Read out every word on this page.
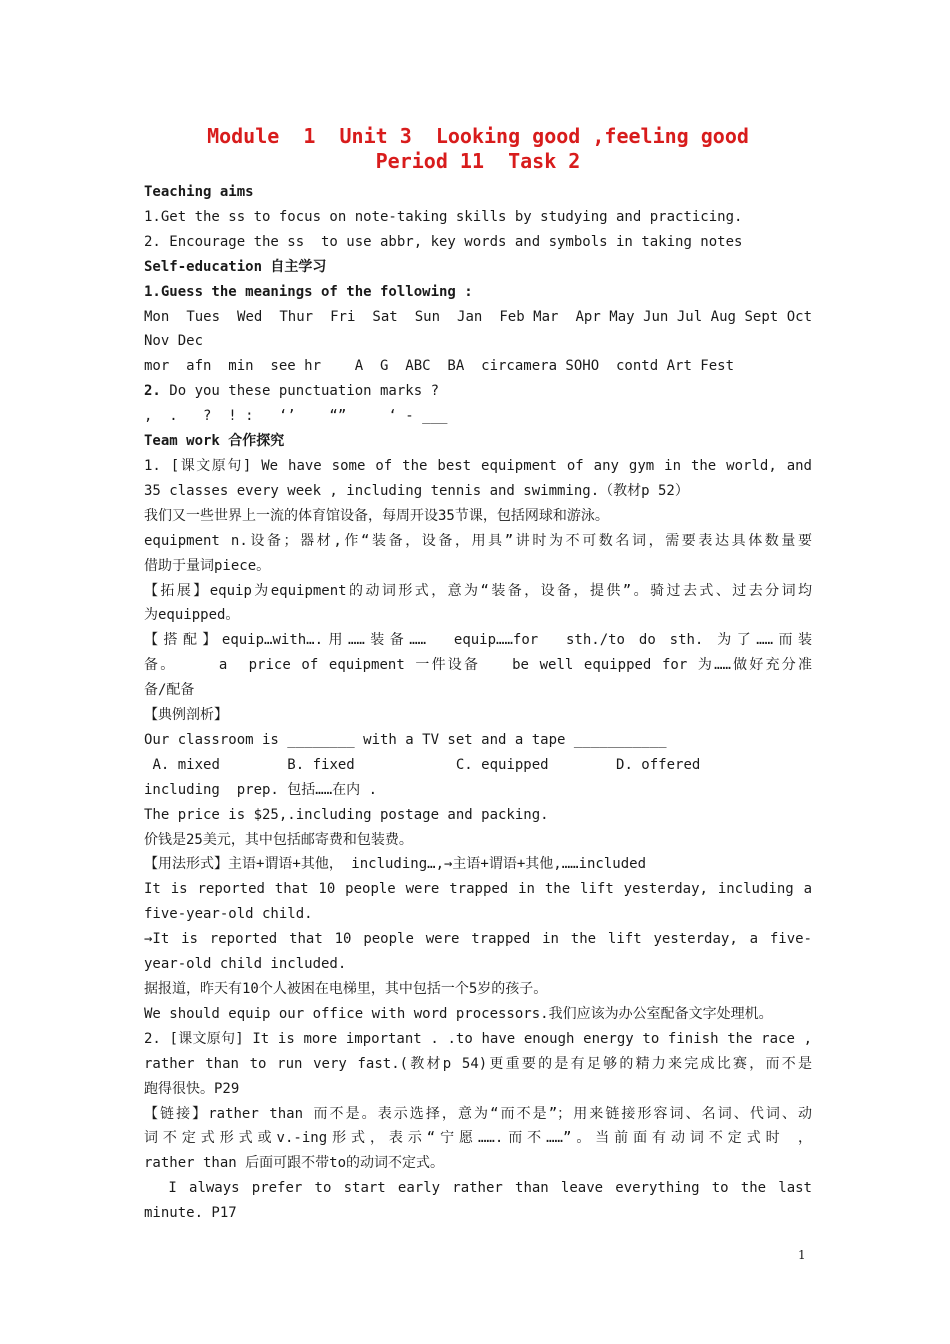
Module  1  Unit 3  Looking good ,feeling good
Period 11  Task 2

Teaching aims

1.Get the ss to focus on note-taking skills by studying and practicing.

2. Encourage the ss  to use abbr, key words and symbols in taking notes

Self-education 自主学习

1.Guess the meanings of the following :

Mon  Tues  Wed  Thur  Fri  Sat  Sun  Jan  Feb Mar  Apr May Jun Jul Aug Sept Oct

Nov Dec

mor  afn  min  see hr    A  G  ABC  BA  circamera SOHO  contd Art Fest

2. Do you these punctuation marks ?

,  .   ?  ! :   ‘’    “”     ‘ - ___

Team work 合作探究

1. [课文原句] We have some of the best equipment of any gym in the world, and

35 classes every week , including tennis and swimming.（教材p 52）

我们又一些世界上一流的体育馆设备，每周开设35节课，包括网球和游泳。

equipment n.设备；器材,作“装备，设备，用具”讲时为不可数名词，需要表达具体数量要

借助于量词piece。

【拓展】equip为equipment的动词形式，意为“装备，设备，提供”。骑过去式、过去分词均

为equipped。

【搭配】equip…with….用……装备……  equip……for  sth./to do sth. 为了……而装

备。    a  price of equipment 一件设备   be well equipped for 为……做好充分准

备/配备

【典例剖析】

Our classroom is ________ with a TV set and a tape ___________

A. mixed        B. fixed            C. equipped        D. offered

including  prep. 包括……在内 .

The price is $25,.including postage and packing.

价钱是25美元，其中包括邮寄费和包装费。

【用法形式】主语+谓语+其他， including…,→主语+谓语+其他,……included

It is reported that 10 people were trapped in the lift yesterday, including a

five-year-old child.

→It is reported that 10 people were trapped in the lift yesterday, a five-

year-old child included.

据报道，昨天有10个人被困在电梯里，其中包括一个5岁的孩子。

We should equip our office with word processors.我们应该为办公室配备文字处理机。

2. [课文原句] It is more important . .to have enough energy to finish the race ,

rather than to run very fast.(教材p 54)更重要的是有足够的精力来完成比赛，而不是

跑得很快。P29

【链接】rather than 而不是。表示选择，意为“而不是”；用来链接形容词、名词、代词、动

词不定式形式或v.-ing形式，表示“宁愿…….而不……”。当前面有动词不定式时 ，

rather than 后面可跟不带to的动词不定式。

I always prefer to start early rather than leave everything to the last

minute. P17

1
